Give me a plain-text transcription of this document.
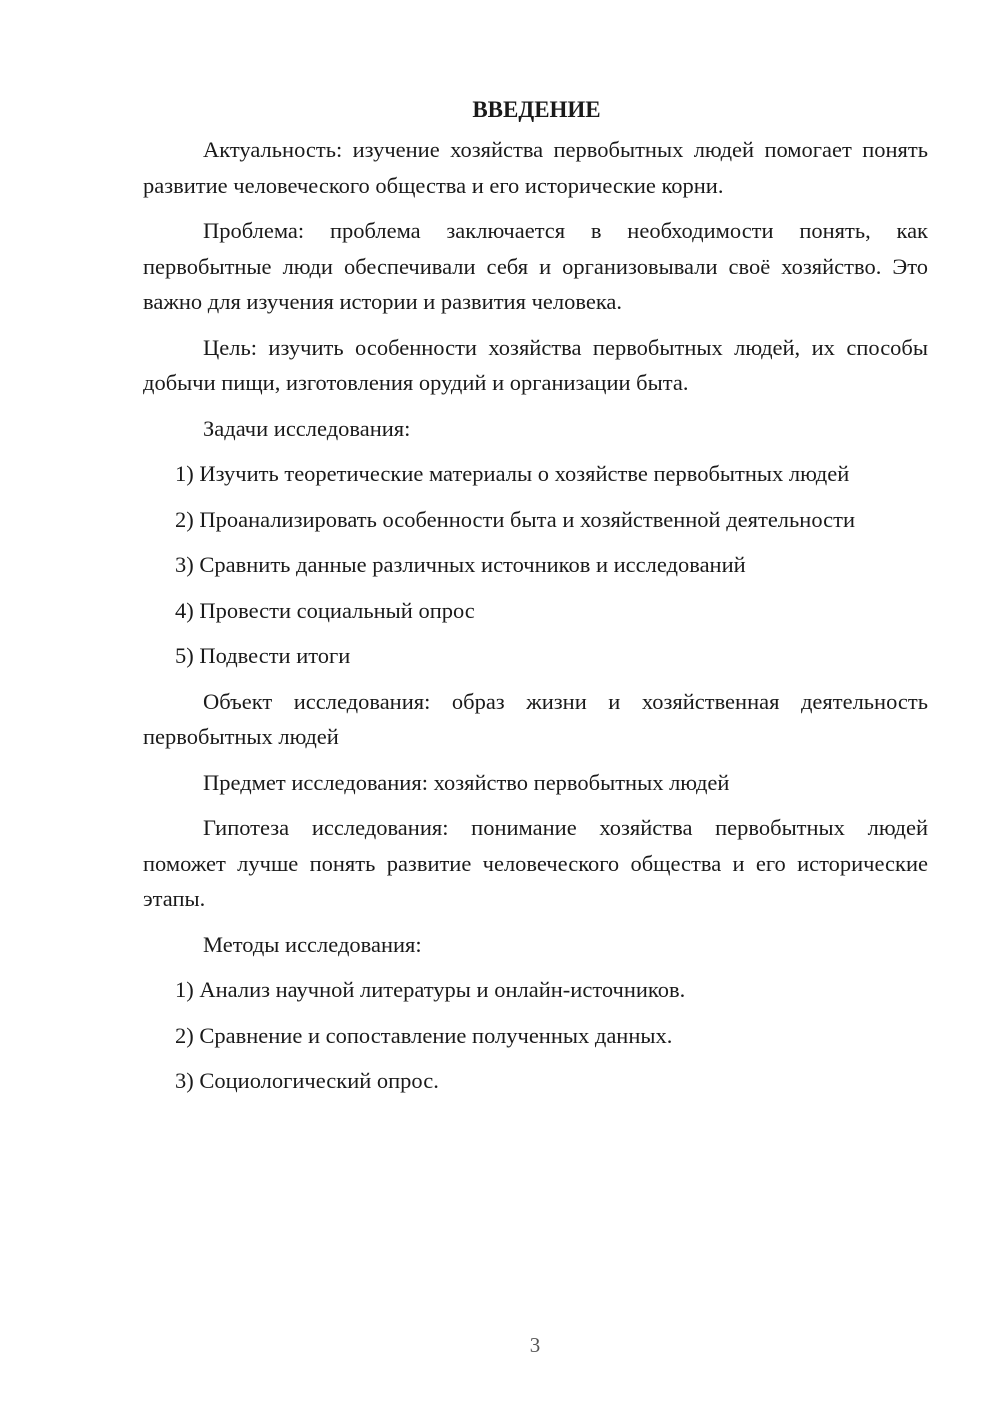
ВВЕДЕНИЕ

Актуальность: изучение хозяйства первобытных людей помогает понять развитие человеческого общества и его исторические корни.

Проблема: проблема заключается в необходимости понять, как первобытные люди обеспечивали себя и организовывали своё хозяйство. Это важно для изучения истории и развития человека.

Цель: изучить особенности хозяйства первобытных людей, их способы добычи пищи, изготовления орудий и организации быта.

Задачи исследования:

1) Изучить теоретические материалы о хозяйстве первобытных людей
2) Проанализировать особенности быта и хозяйственной деятельности
3) Сравнить данные различных источников и исследований
4) Провести социальный опрос
5) Подвести итоги

Объект исследования: образ жизни и хозяйственная деятельность первобытных людей

Предмет исследования: хозяйство первобытных людей

Гипотеза исследования: понимание хозяйства первобытных людей поможет лучше понять развитие человеческого общества и его исторические этапы.

Методы исследования:

1) Анализ научной литературы и онлайн-источников.
2) Сравнение и сопоставление полученных данных.
3) Социологический опрос.
3
